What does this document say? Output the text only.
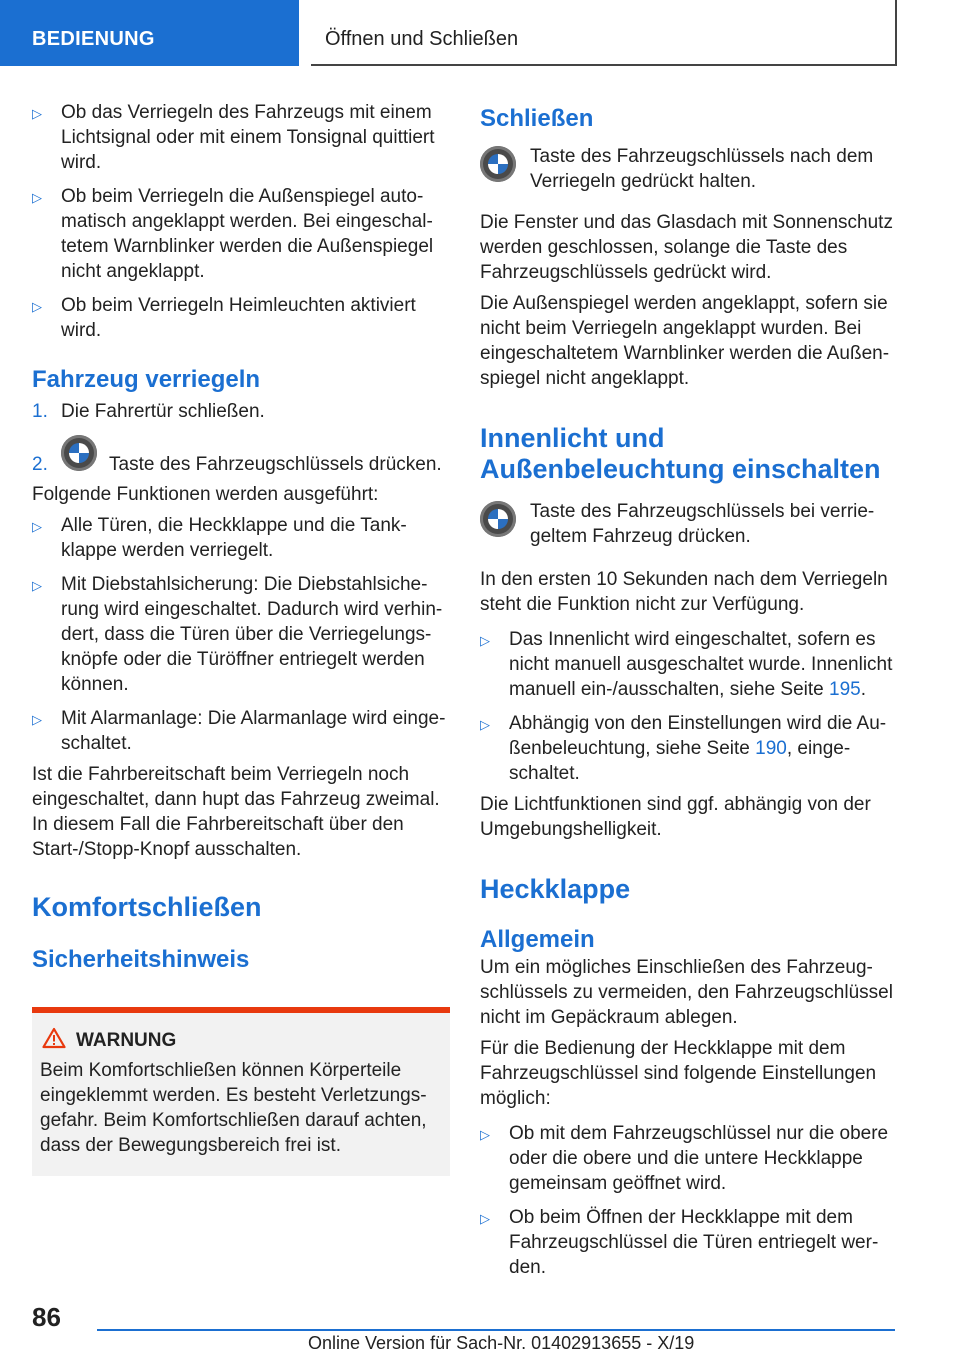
BEDIENUNG	Öffnen und Schließen
▷ Ob das Verriegeln des Fahrzeugs mit einem Lichtsignal oder mit einem Tonsignal quittiert wird.
▷ Ob beim Verriegeln die Außenspiegel auto-matisch angeklappt werden. Bei eingeschal-tetem Warnblinker werden die Außenspiegel nicht angeklappt.
▷ Ob beim Verriegeln Heimleuchten aktiviert wird.
Fahrzeug verriegeln
1. Die Fahrertür schließen.
2.	Taste des Fahrzeugschlüssels drücken.

Folgende Funktionen werden ausgeführt:

▷ Alle Türen, die Heckklappe und die Tank-klappe werden verriegelt.
▷ Mit Diebstahlsicherung: Die Diebstahlsiche-rung wird eingeschaltet. Dadurch wird verhin-dert, dass die Türen über die Verriegelungs-knöpfe oder die Türöffner entriegelt werden können.
▷ Mit Alarmanlage: Die Alarmanlage wird einge-schaltet.

Ist die Fahrbereitschaft beim Verriegeln noch eingeschaltet, dann hupt das Fahrzeug zweimal. In diesem Fall die Fahrbereitschaft über den Start-/Stopp-Knopf ausschalten.

Komfortschließen
Sicherheitshinweis
WARNUNG

Beim Komfortschließen können Körperteile eingeklemmt werden. Es besteht Verletzungs-gefahr. Beim Komfortschließen darauf achten, dass der Bewegungsbereich frei ist.

Schließen
Taste des Fahrzeugschlüssels nach dem Verriegeln gedrückt halten.

Die Fenster und das Glasdach mit Sonnenschutz werden geschlossen, solange die Taste des Fahrzeugschlüssels gedrückt wird.

Die Außenspiegel werden angeklappt, sofern sie nicht beim Verriegeln angeklappt wurden. Bei eingeschaltetem Warnblinker werden die Außen-spiegel nicht angeklappt.

Innenlicht und Außenbeleuchtung einschalten
Taste des Fahrzeugschlüssels bei verrie-geltem Fahrzeug drücken.

In den ersten 10 Sekunden nach dem Verriegeln steht die Funktion nicht zur Verfügung.

▷ Das Innenlicht wird eingeschaltet, sofern es nicht manuell ausgeschaltet wurde. Innenlicht manuell ein-/ausschalten, siehe Seite 195.
▷ Abhängig von den Einstellungen wird die Au-ßenbeleuchtung, siehe Seite 190, einge-schaltet.

Die Lichtfunktionen sind ggf. abhängig von der Umgebungshelligkeit.

Heckklappe
Allgemein

Um ein mögliches Einschließen des Fahrzeug-schlüssels zu vermeiden, den Fahrzeugschlüssel nicht im Gepäckraum ablegen.

Für die Bedienung der Heckklappe mit dem Fahrzeugschlüssel sind folgende Einstellungen möglich:

▷ Ob mit dem Fahrzeugschlüssel nur die obere oder die obere und die untere Heckklappe gemeinsam geöffnet wird.
▷ Ob beim Öffnen der Heckklappe mit dem Fahrzeugschlüssel die Türen entriegelt wer-den.
86
Online Version für Sach-Nr. 01402913655 - X/19
